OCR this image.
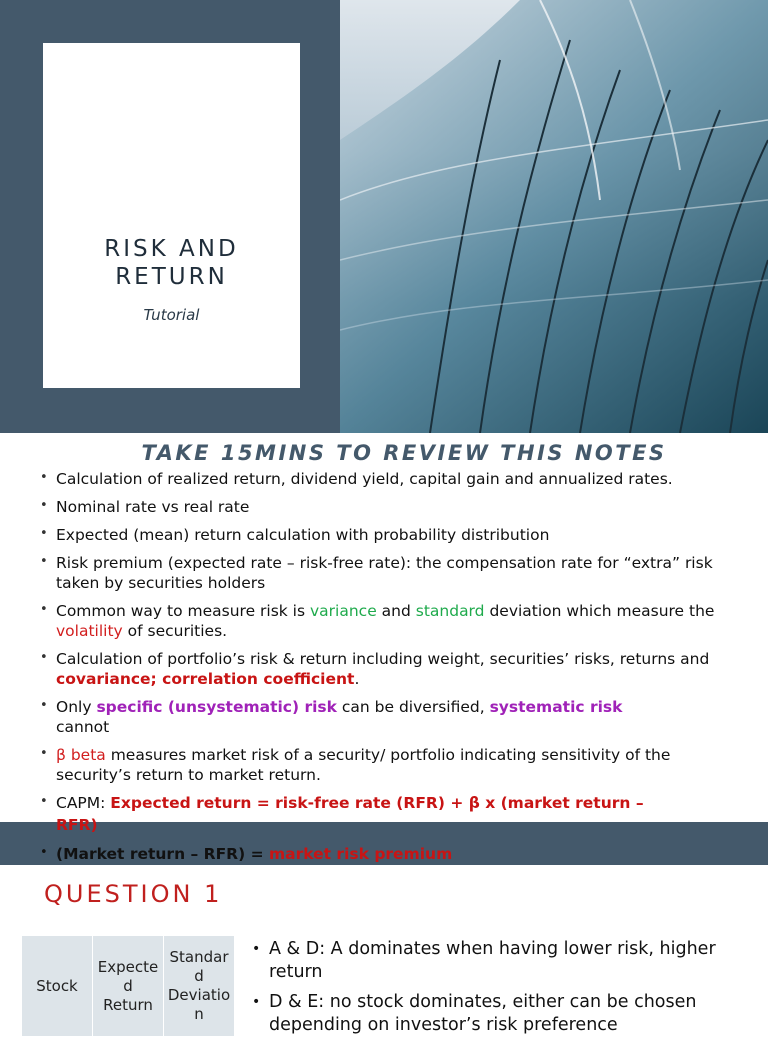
RISK AND
RETURN
Tutorial
TAKE 15MINS TO REVIEW THIS NOTES
• Calculation of realized return, dividend yield, capital gain and annualized rates.
• Nominal rate vs real rate
• Expected (mean) return calculation with probability distribution
• Risk premium (expected rate – risk-free rate): the compensation rate for “extra” risk taken by securities holders
• Common way to measure risk is variance and standard deviation which measure the volatility of securities.
• Calculation of portfolio’s risk & return including weight, securities’ risks, returns and covariance; correlation coefficient.
• Only specific (unsystematic) risk can be diversified, systematic risk
cannot
• β beta measures market risk of a security/ portfolio indicating sensitivity of the security’s return to market return.
• CAPM: Expected return = risk-free rate (RFR) + β x (market return –
RFR)
• (Market return – RFR) = market risk premium
QUESTION 1
Stock	Expecte
d
Return	Standar
d
Deviatio
n
• A & D: A dominates when having lower risk, higher return
• D & E: no stock dominates, either can be chosen depending on investor’s risk preference
